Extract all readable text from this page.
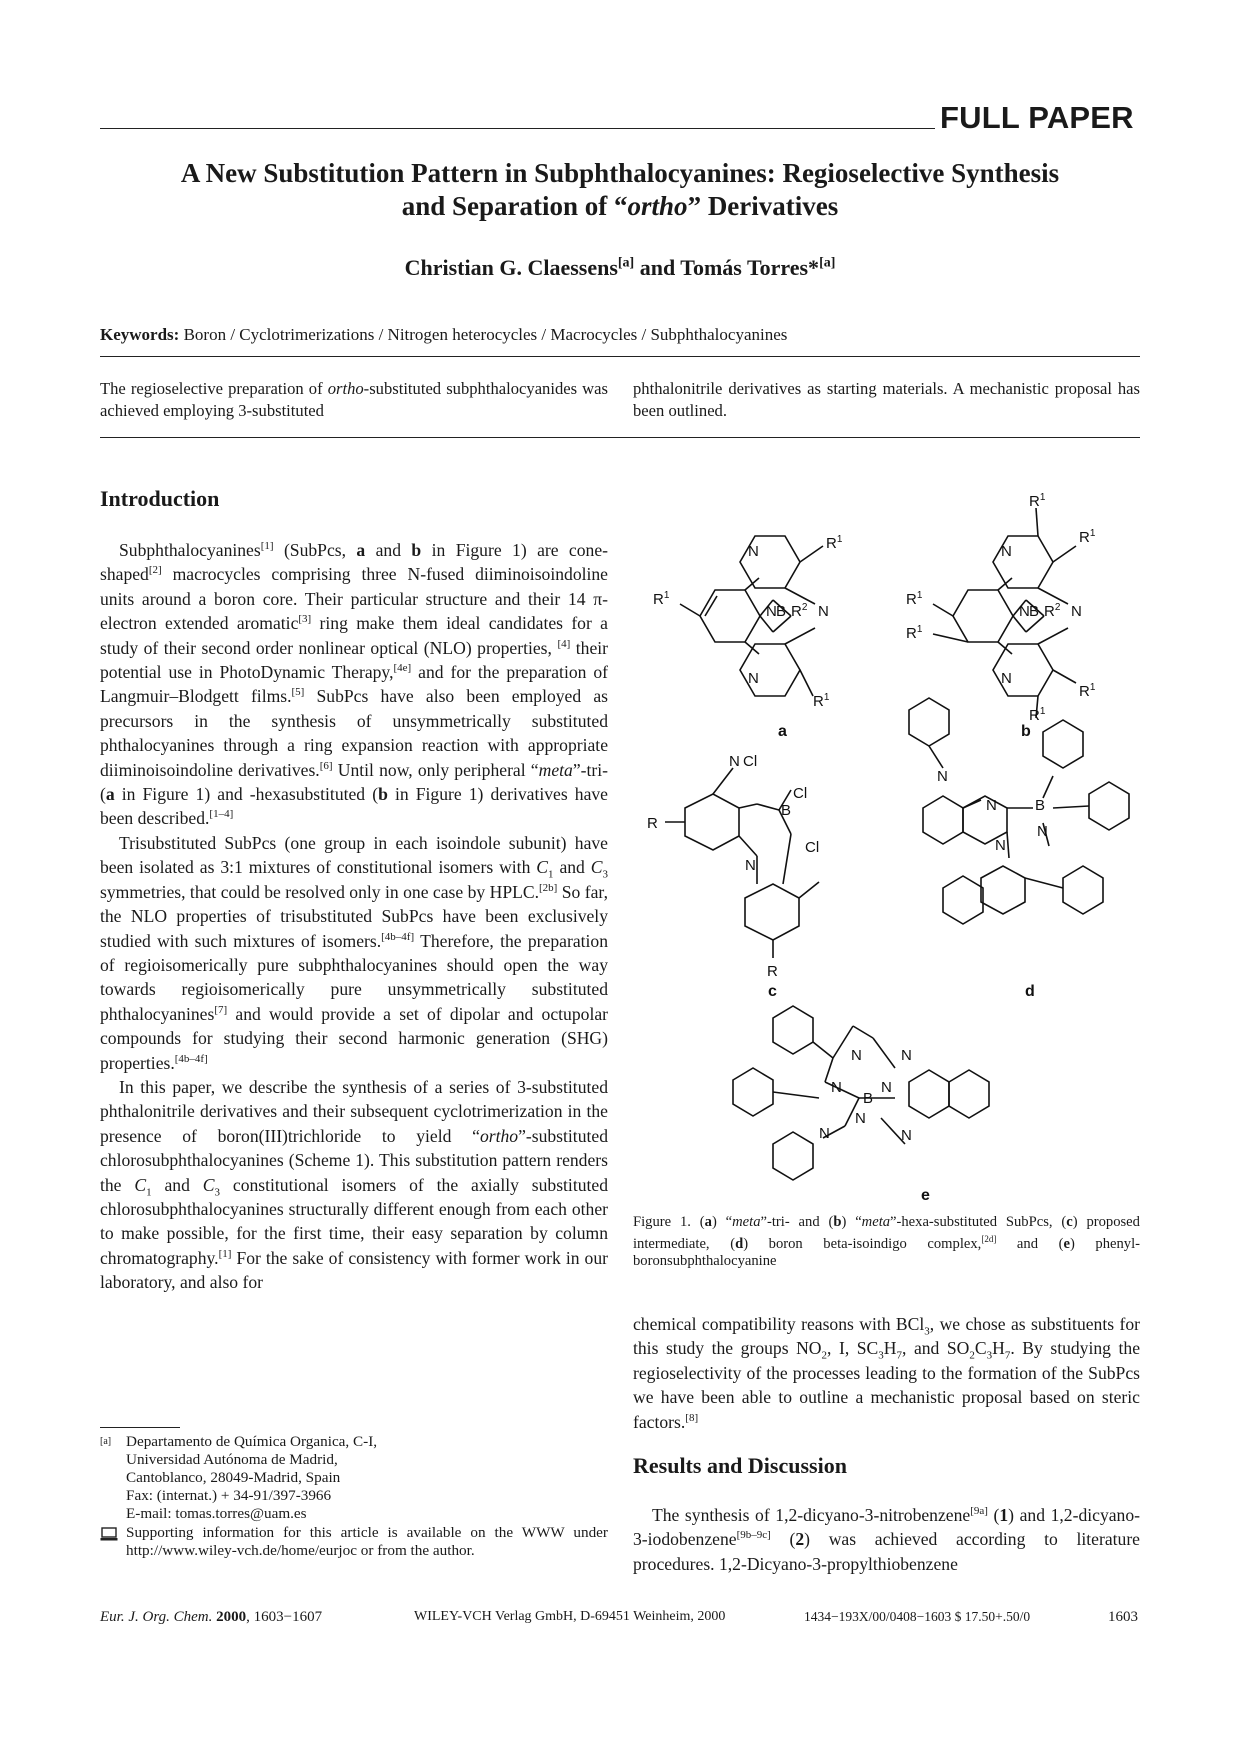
FULL PAPER
A New Substitution Pattern in Subphthalocyanines: Regioselective Synthesis
and Separation of “ortho” Derivatives
Christian G. Claessens[a] and Tomás Torres*[a]
Keywords: Boron / Cyclotrimerizations / Nitrogen heterocycles / Macrocycles / Subphthalocyanines
The regioselective preparation of ortho-substituted subphthalocyanides was achieved employing 3-substituted
phthalonitrile derivatives as starting materials. A mechanistic proposal has been outlined.
Introduction

Subphthalocyanines[1] (SubPcs, a and b in Figure 1) are cone-shaped[2] macrocycles comprising three N-fused diiminoisoindoline units around a boron core. Their particular structure and their 14 π-electron extended aromatic[3] ring make them ideal candidates for a study of their second order nonlinear optical (NLO) properties, [4] their potential use in PhotoDynamic Therapy,[4e] and for the preparation of Langmuir–Blodgett films.[5] SubPcs have also been employed as precursors in the synthesis of unsymmetrically substituted phthalocyanines through a ring expansion reaction with appropriate diiminoisoindoline derivatives.[6] Until now, only peripheral “meta”-tri- (a in Figure 1) and -hexasubstituted (b in Figure 1) derivatives have been described.[1–4]

Trisubstituted SubPcs (one group in each isoindole subunit) have been isolated as 3:1 mixtures of constitutional isomers with $C_1$ and $C_3$ symmetries, that could be resolved only in one case by HPLC.[2b] So far, the NLO properties of trisubstituted SubPcs have been exclusively studied with such mixtures of isomers.[4b–4f] Therefore, the preparation of regioisomerically pure subphthalocyanines should open the way towards regioisomerically pure unsymmetrically substituted phthalocyanines[7] and would provide a set of dipolar and octupolar compounds for studying their second harmonic generation (SHG) properties.[4b–4f]

In this paper, we describe the synthesis of a series of 3-substituted phthalonitrile derivatives and their subsequent cyclotrimerization in the presence of boron(III)trichloride to yield “ortho”-substituted chlorosubphthalocyanines (Scheme 1). This substitution pattern renders the $C_1$ and $C_3$ constitutional isomers of the axially substituted chlorosubphthalocyanines structurally different enough from each other to make possible, for the first time, their easy separation by column chromatography.[1] For the sake of consistency with former work in our laboratory, and also for

[a] Departamento de Química Organica, C-I,
Universidad Autónoma de Madrid,
Cantoblanco, 28049-Madrid, Spain
Fax: (internat.) + 34-91/397-3966
E-mail: tomas.torres@uam.es
Supporting information for this article is available on the WWW under http://www.wiley-vch.de/home/eurjoc or from the author.
N
N B $R^2$ N
N
$R^1$
$R^1$
$R^1$
N
N B $R^2$ N
N
$R^1$
$R^1$
$R^1$
$R^1$
$R^1$
$R^1$
N Cl
Cl
B
N
Cl
R
R
N
N	B
N
N
N	N
N
B
N
N
N	N
a	b
c	d
e
Figure 1. (a) “meta”-tri- and (b) “meta”-hexa-substituted SubPcs, (c) proposed intermediate, (d) boron beta-isoindigo complex,[2d] and (e) phenyl-boronsubphthalocyanine

chemical compatibility reasons with BCl$_3$, we chose as substituents for this study the groups $NO_2$, I, $SC_3H_7$, and $SO_2C_3H_7$. By studying the regioselectivity of the processes leading to the formation of the SubPcs we have been able to outline a mechanistic proposal based on steric factors.[8]

Results and Discussion

The synthesis of 1,2-dicyano-3-nitrobenzene[9a] (1) and 1,2-dicyano-3-iodobenzene[9b–9c] (2) was achieved according to literature procedures. 1,2-Dicyano-3-propylthiobenzene

Eur. J. Org. Chem. 2000, 1603−1607	WILEY-VCH Verlag GmbH, D-69451 Weinheim, 2000	1434−193X/00/0408−1603 $ 17.50+.50/0	1603
